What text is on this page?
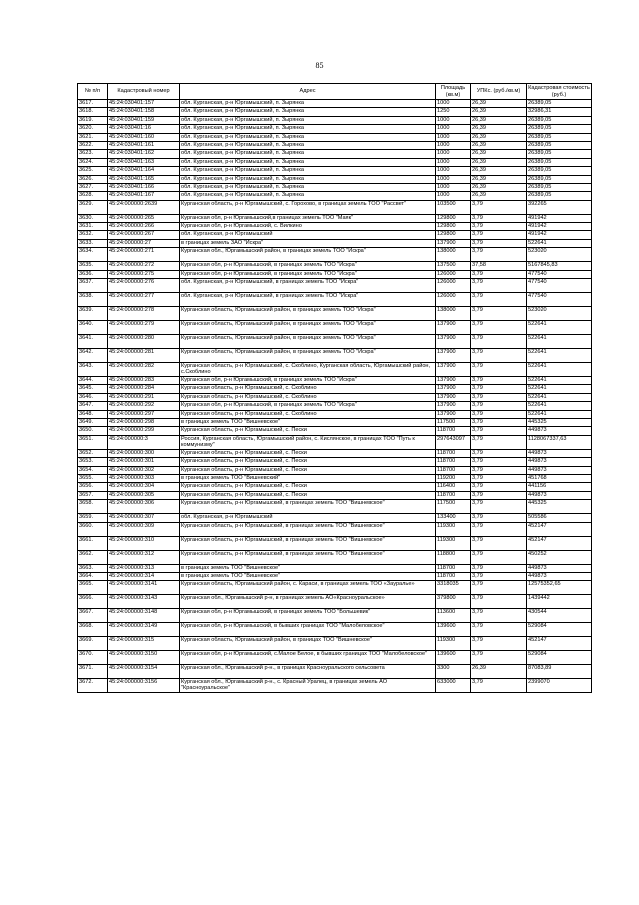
85
№ п/п	Кадастровый номер	Адрес	Площадь (кв.м)	УПКс. (руб./кв.м)	Кадастровая стоимость (руб.)
3617.	45:24:030401:157	обл. Курганская, р-н Юргамышский, п. Зырянка	1000	26,39	26389,05
3618.	45:24:030401:158	обл. Курганская, р-н Юргамышский, п. Зырянка	1250	26,39	32986,31
3619.	45:24:030401:159	обл. Курганская, р-н Юргамышский, п. Зырянка	1000	26,39	26389,05
3620.	45:24:030401:16	обл. Курганская, р-н Юргамышский, п. Зырянка	1000	26,39	26389,05
3621.	45:24:030401:160	обл. Курганская, р-н Юргамышский, п. Зырянка	1000	26,39	26389,05
3622.	45:24:030401:161	обл. Курганская, р-н Юргамышский, п. Зырянка	1000	26,39	26389,05
3623.	45:24:030401:162	обл. Курганская, р-н Юргамышский, п. Зырянка	1000	26,39	26389,05
3624.	45:24:030401:163	обл. Курганская, р-н Юргамышский, п. Зырянка	1000	26,39	26389,05
3625.	45:24:030401:164	обл. Курганская, р-н Юргамышский, п. Зырянка	1000	26,39	26389,05
3626.	45:24:030401:165	обл. Курганская, р-н Юргамышский, п. Зырянка	1000	26,39	26389,05
3627.	45:24:030401:166	обл. Курганская, р-н Юргамышский, п. Зырянка	1000	26,39	26389,05
3628.	45:24:030401:167	обл. Курганская, р-н Юргамышский, п. Зырянка	1000	26,39	26389,05
3629.	45:24:000000:2639	Курганская область, р-н Юргамышский, с. Горохово, в границах земель ТОО "Рассвет"	103500	3,79	392265
3630.	45:24:000000:265	Курганская обл, р-н Юргамышский,в границах земель ТОО "Маяк"	129800	3,79	491942
3631.	45:24:000000:266	Курганская обл, р-н Юргамышский, с. Вилкино	129800	3,79	491942
3632.	45:24:000000:267	обл. Курганская, р-н Юргамышский	129800	3,79	491942
3633.	45:24:000000:27	в границах земель ЗАО "Искра"	137900	3,79	522641
3634.	45:24:000000:271	Курганская обл., Юргамышский район, в границах земель ТОО "Искра"	138000	3,79	523020
3635.	45:24:000000:272	Курганская обл, р-н Юргамышский, в границах земель ТОО "Искра"	137500	37,58	5167845,83
3636.	45:24:000000:275	Курганская обл, р-н Юргамышский, в границах земель ТОО "Искра"	126000	3,79	477540
3637.	45:24:000000:276	обл. Курганская, р-н Юргамышский, в границах земель ТОО "Искра"	126000	3,79	477540
3638.	45:24:000000:277	обл. Курганская, р-н Юргамышский, в границах земель ТОО "Искра"	126000	3,79	477540
3639.	45:24:000000:278	Курганская область, Юргамышский район, в границах земель ТОО "Искра"	138000	3,79	523020
3640.	45:24:000000:279	Курганская область, Юргамышский район, в границах земель ТОО "Искра"	137900	3,79	522641
3641.	45:24:000000:280	Курганская область, Юргамышский район, в границах земель ТОО "Искра"	137900	3,79	522641
3642.	45:24:000000:281	Курганская область, Юргамышский район, в границах земель ТОО "Искра"	137900	3,79	522641
3643.	45:24:000000:282	Курганская область, р-н Юргамышский, с. Скоблино, Курганская область, Юргамышский район, с.Скоблино	137900	3,79	522641
3644.	45:24:000000:283	Курганская обл, р-н Юргамышский, в границах земель ТОО "Искра"	137900	3,79	522641
3645.	45:24:000000:284	Курганская область, р-н Юргамышский, с. Скоблино	137900	3,79	522641
3646.	45:24:000000:291	Курганская область, р-н Юргамышский, с. Скоблино	137900	3,79	522641
3647.	45:24:000000:292	Курганская обл, р-н Юргамышский, в границах земель ТОО "Искра"	137900	3,79	522641
3648.	45:24:000000:297	Курганская область, р-н Юргамышский, с. Скоблино	137900	3,79	522641
3649.	45:24:000000:298	в границах земель ТОО "Вишневское"	117500	3,79	445325
3650.	45:24:000000:299	Курганская область, р-н Юргамышский, с. Пески	118700	3,79	449873
3651.	45:24:000000:3	Россия, Курганская область, Юргамышский район, с. Кислянское, в границах ТОО "Путь к коммунизму"	297643097	3,79	1128067337,63
3652.	45:24:000000:300	Курганская область, р-н Юргамышский, с. Пески	118700	3,79	449873
3653.	45:24:000000:301	Курганская область, р-н Юргамышский, с. Пески	118700	3,79	449873
3654.	45:24:000000:302	Курганская область, р-н Юргамышский, с. Пески	118700	3,79	449873
3655.	45:24:000000:303	в границах земель ТОО "Вишневский"	119200	3,79	451768
3656.	45:24:000000:304	Курганская область, р-н Юргамышский, с. Пески	116400	3,79	441156
3657.	45:24:000000:305	Курганская область, р-н Юргамышский, с. Пески	118700	3,79	449873
3658.	45:24:000000:306	Курганская область, р-н Юргамышский, в границах земель ТОО "Вишневское"	117500	3,79	445325
3659.	45:24:000000:307	обл. Курганская, р-н Юргамышский	133400	3,79	505586
3660.	45:24:000000:309	Курганская область, р-н Юргамышский, в границах земель ТОО "Вишневское"	119300	3,79	452147
3661.	45:24:000000:310	Курганская область, р-н Юргамышский, в границах земель ТОО "Вишневское"	119300	3,79	452147
3662.	45:24:000000:312	Курганская область, р-н Юргамышский, в границах земель ТОО "Вишневское"	118800	3,79	450252
3663.	45:24:000000:313	в границах земель ТОО "Вишневское"	118700	3,79	449873
3664.	45:24:000000:314	в границах земель ТОО "Вишневское"	118700	3,79	449873
3665.	45:24:000000:3141	Курганская область, Юргамышский район, с. Караси, в границах земель ТОО «Зауралье»	3318035	3,79	12575352,65
3666.	45:24:000000:3143	Курганская обл., Юргамышский р-н, в границах земель АО«Красноуральское»	379800	3,79	1439442
3667.	45:24:000000:3148	Курганская обл, р-н Юргамышский, в границах земель ТОО "Большевик"	113600	3,79	430544
3668.	45:24:000000:3149	Курганская обл, р-н Юргамышский, в бывших границах ТОО "Малобеловское"	139600	3,79	529084
3669.	45:24:000000:315	Курганская область, Юргамышский район, в границах ТОО "Вишневское"	119300	3,79	452147
3670.	45:24:000000:3150	Курганская обл, р-н Юргамышский, с.Малое Белое, в бывших границах ТОО "Малобеловское"	139600	3,79	529084
3671.	45:24:000000:3154	Курганская обл., Юргамышский р-н., в границах Красноуральского сельсовета	3300	26,39	87083,89
3672.	45:24:000000:3156	Курганская обл., Юргамышский р-н., с. Красный Уралец, в границах земель АО "Красноуральское"	633000	3,79	2399070
